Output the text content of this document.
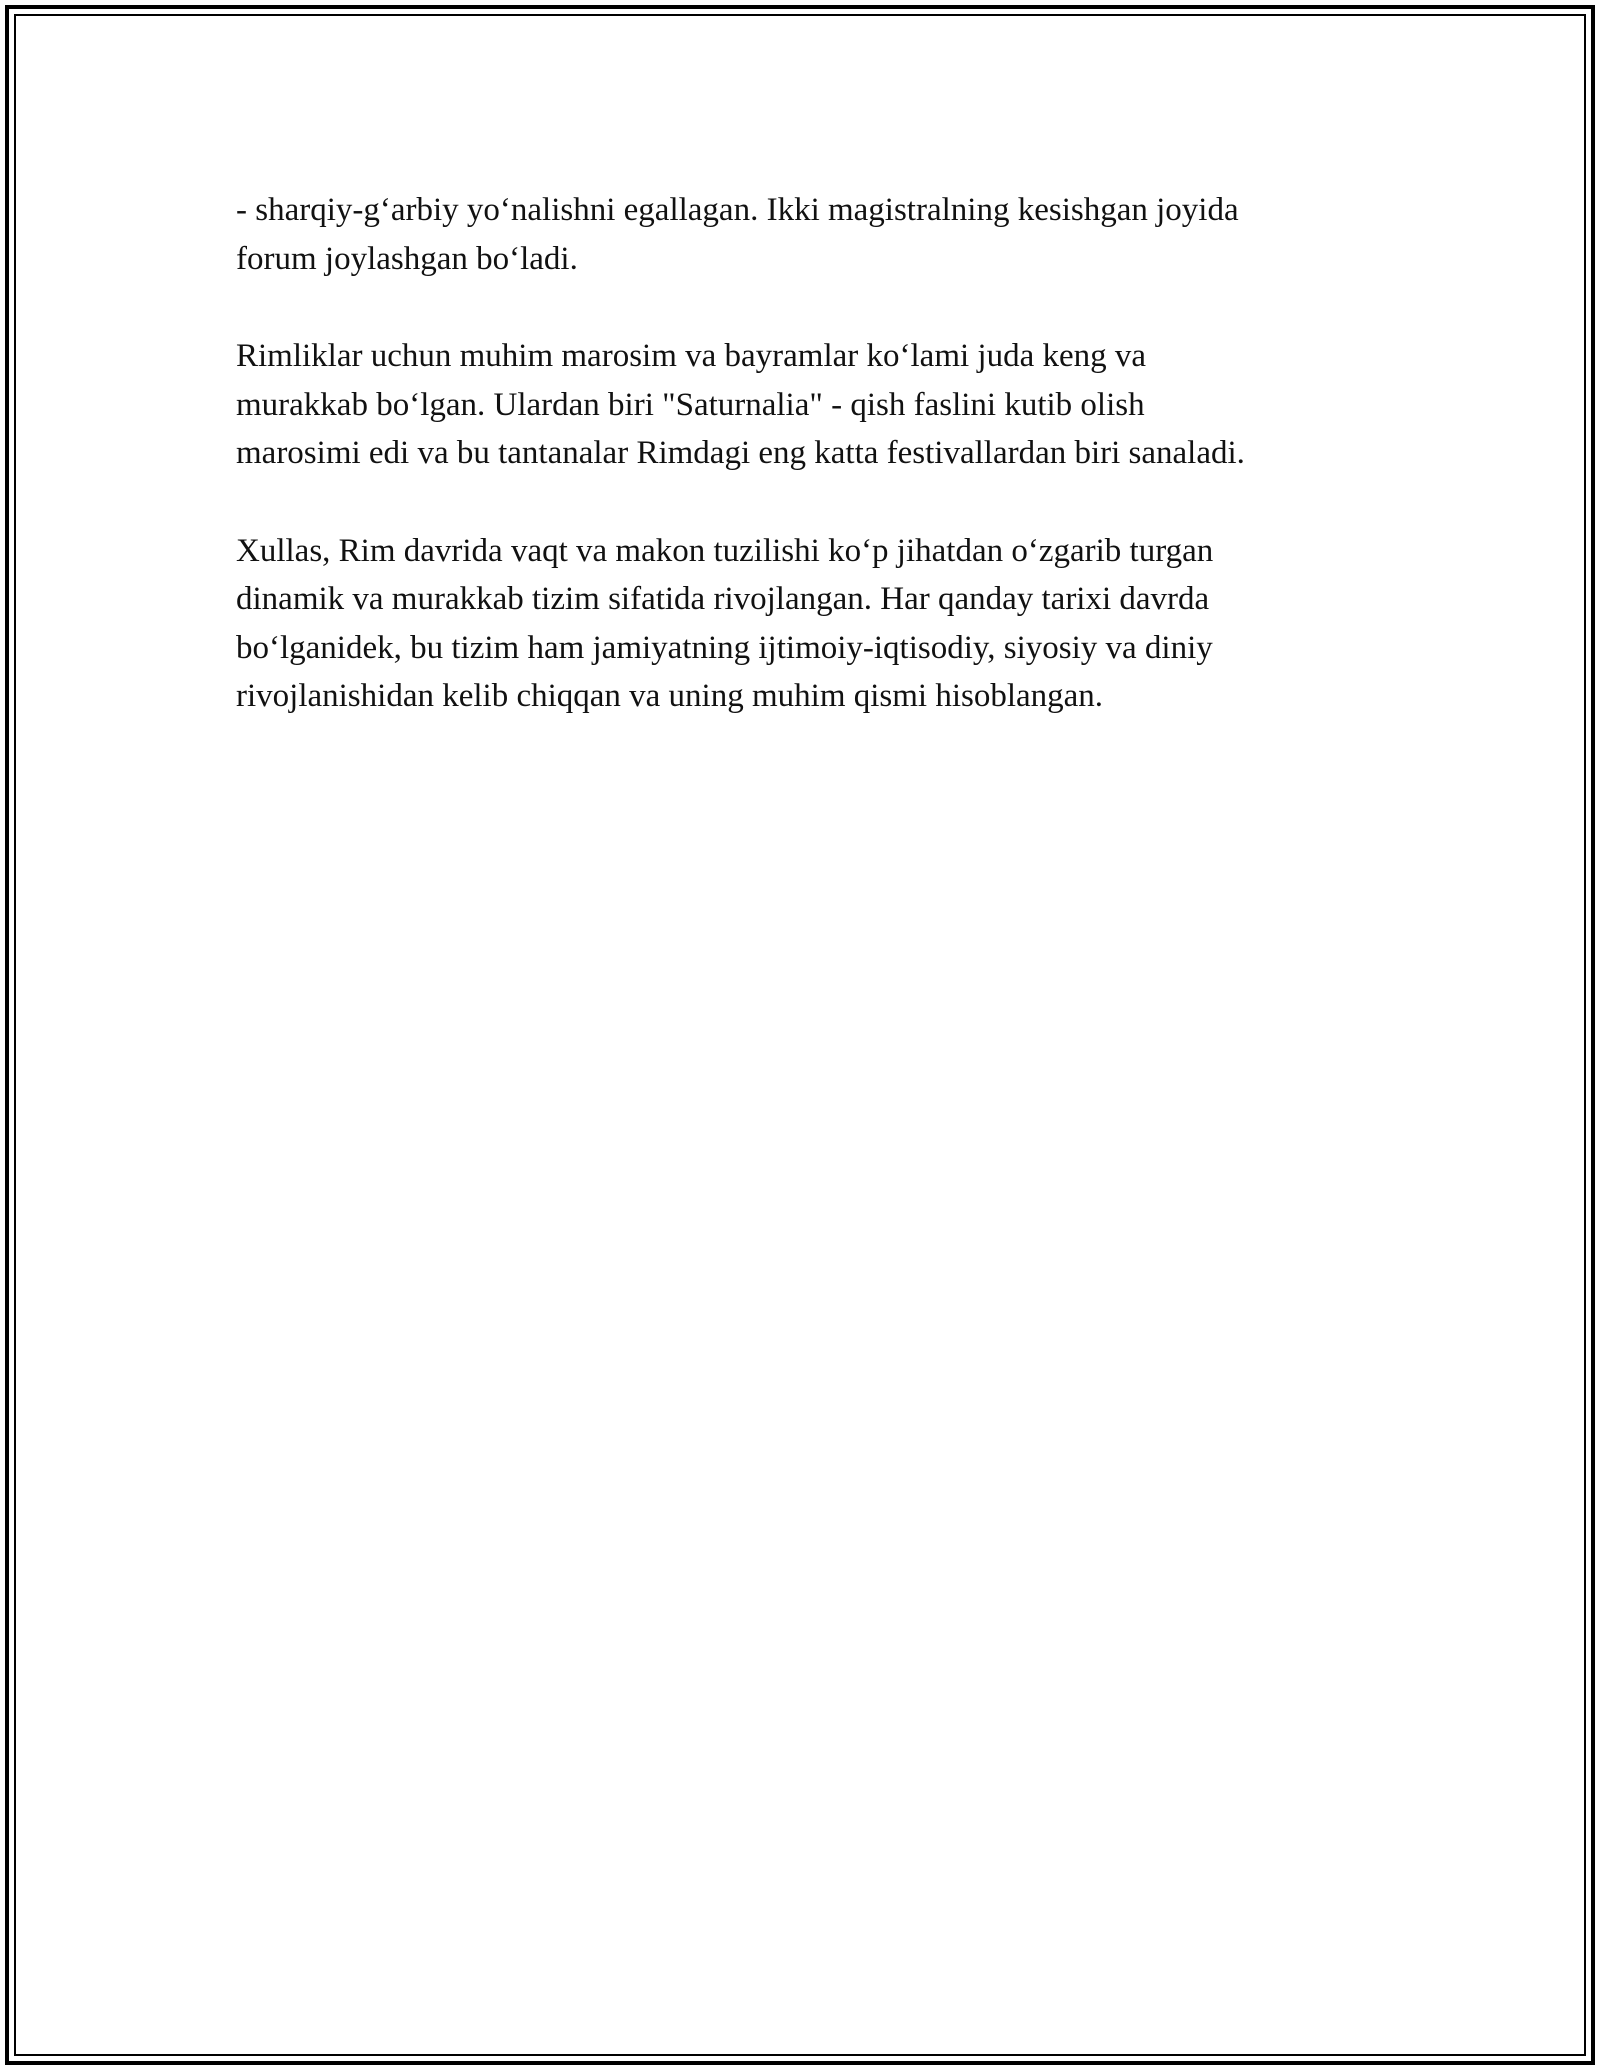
- sharqiy-g‘arbiy yo‘nalishni egallagan. Ikki magistralning kesishgan joyida
forum joylashgan bo‘ladi.

Rimliklar uchun muhim marosim va bayramlar ko‘lami juda keng va
murakkab bo‘lgan. Ulardan biri "Saturnalia" - qish faslini kutib olish
marosimi edi va bu tantanalar Rimdagi eng katta festivallardan biri sanaladi.

Xullas, Rim davrida vaqt va makon tuzilishi ko‘p jihatdan o‘zgarib turgan
dinamik va murakkab tizim sifatida rivojlangan. Har qanday tarixi davrda
bo‘lganidek, bu tizim ham jamiyatning ijtimoiy-iqtisodiy, siyosiy va diniy
rivojlanishidan kelib chiqqan va uning muhim qismi hisoblangan.
